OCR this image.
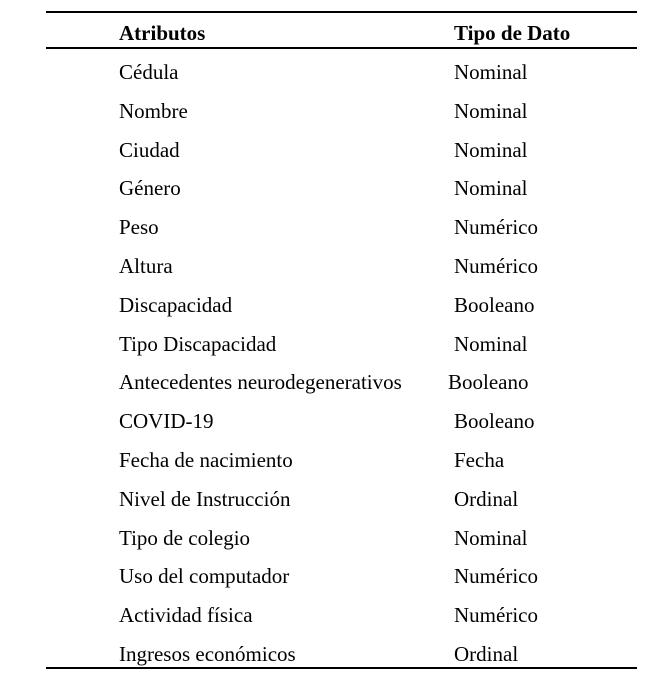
Atributos	Tipo de Dato
Cédula	Nominal
Nombre	Nominal
Ciudad	Nominal
Género	Nominal
Peso	Numérico
Altura	Numérico
Discapacidad	Booleano
Tipo Discapacidad	Nominal
Antecedentes neurodegenerativos Booleano
COVID-19	Booleano
Fecha de nacimiento	Fecha
Nivel de Instrucción	Ordinal
Tipo de colegio	Nominal
Uso del computador	Numérico
Actividad física	Numérico
Ingresos económicos	Ordinal
